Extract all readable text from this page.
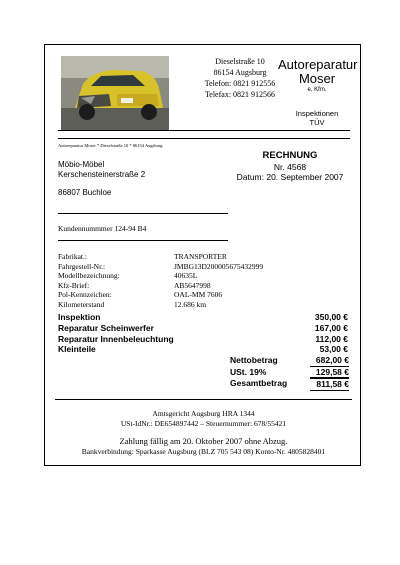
Dieselstraße 10
86154 Augsburg
Telefon: 0821 912556
Telefax: 0821 912566
Autoreparatur
Moser
e. Kfm.
Inspektionen
TÜV
Autoreparatur Moser * Dieselstraße 10 * 86154 Augsburg
Möbio-Möbel
Kerschensteinerstraße 2
86807 Buchloe
RECHNUNG
Nr. 4568
Datum: 20. September 2007
Kundennummmer 124-94 B4
Fabrikat.:	TRANSPORTER
Fahrgestell-Nr.:	JMBG13D200005675432999
Modellbezeichnung:	40635L
Kfz-Brief:	AB5647998
Pol-Kennzeichen:	OAL-MM 7606
Kilometerstand	12.686 km
Inspektion	350,00 €
Reparatur Scheinwerfer	167,00 €
Reparatur Innenbeleuchtung	112,00 €
Kleinteile	53,00 €
Nettobetrag	682,00 €
USt. 19%	129,58 €
Gesamtbetrag	811,58 €
Amtsgericht Augsburg HRA 1344
USt-IdNr.: DE654897442 – Steuernummer: 678/55421
Zahlung fällig am 20. Oktober 2007 ohne Abzug.
Bankverbindung: Sparkasse Augsburg (BLZ 705 543 08) Konto-Nr. 4805828401
